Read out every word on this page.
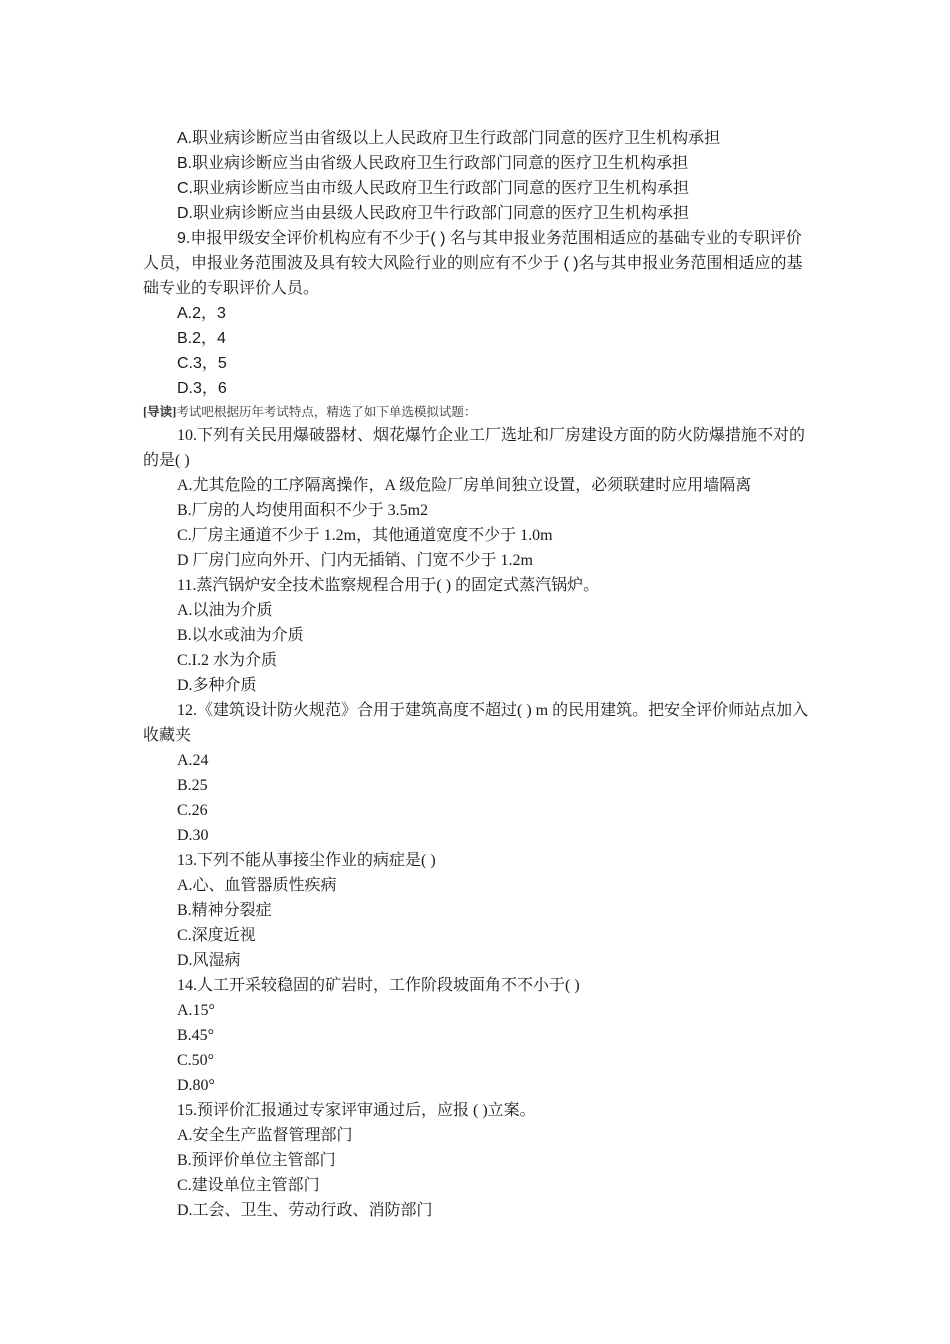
A.职业病诊断应当由省级以上人民政府卫生行政部门同意的医疗卫生机构承担
B.职业病诊断应当由省级人民政府卫生行政部门同意的医疗卫生机构承担
C.职业病诊断应当由市级人民政府卫生行政部门同意的医疗卫生机构承担
D.职业病诊断应当由县级人民政府卫牛行政部门同意的医疗卫生机构承担
9.申报甲级安全评价机构应有不少于( ) 名与其申报业务范围相适应的基础专业的专职评价人员，申报业务范围波及具有较大风险行业的则应有不少于 ( )名与其申报业务范围相适应的基础专业的专职评价人员。
A.2，3
B.2，4
C.3，5
D.3，6
[导读]考试吧根据历年考试特点，精选了如下单选模拟试题：
10.下列有关民用爆破器材、烟花爆竹企业工厂选址和厂房建设方面的防火防爆措施不对的的是( )
A.尤其危险的工序隔离操作，A 级危险厂房单间独立设置，必须联建时应用墙隔离
B.厂房的人均使用面积不少于 3.5m2
C.厂房主通道不少于 1.2m，其他通道宽度不少于 1.0m
D 厂房门应向外开、门内无插销、门宽不少于 1.2m
11.蒸汽锅炉安全技术监察规程合用于( ) 的固定式蒸汽锅炉。
A.以油为介质
B.以水或油为介质
C.I.2 水为介质
D.多种介质
12.《建筑设计防火规范》合用于建筑高度不超过( ) m 的民用建筑。把安全评价师站点加入收藏夹
A.24
B.25
C.26
D.30
13.下列不能从事接尘作业的病症是( )
A.心、血管器质性疾病
B.精神分裂症
C.深度近视
D.风湿病
14.人工开采较稳固的矿岩时，工作阶段坡面角不不小于( )
A.15°
B.45°
C.50°
D.80°
15.预评价汇报通过专家评审通过后，应报 ( )立案。
A.安全生产监督管理部门
B.预评价单位主管部门
C.建设单位主管部门
D.工会、卫生、劳动行政、消防部门
